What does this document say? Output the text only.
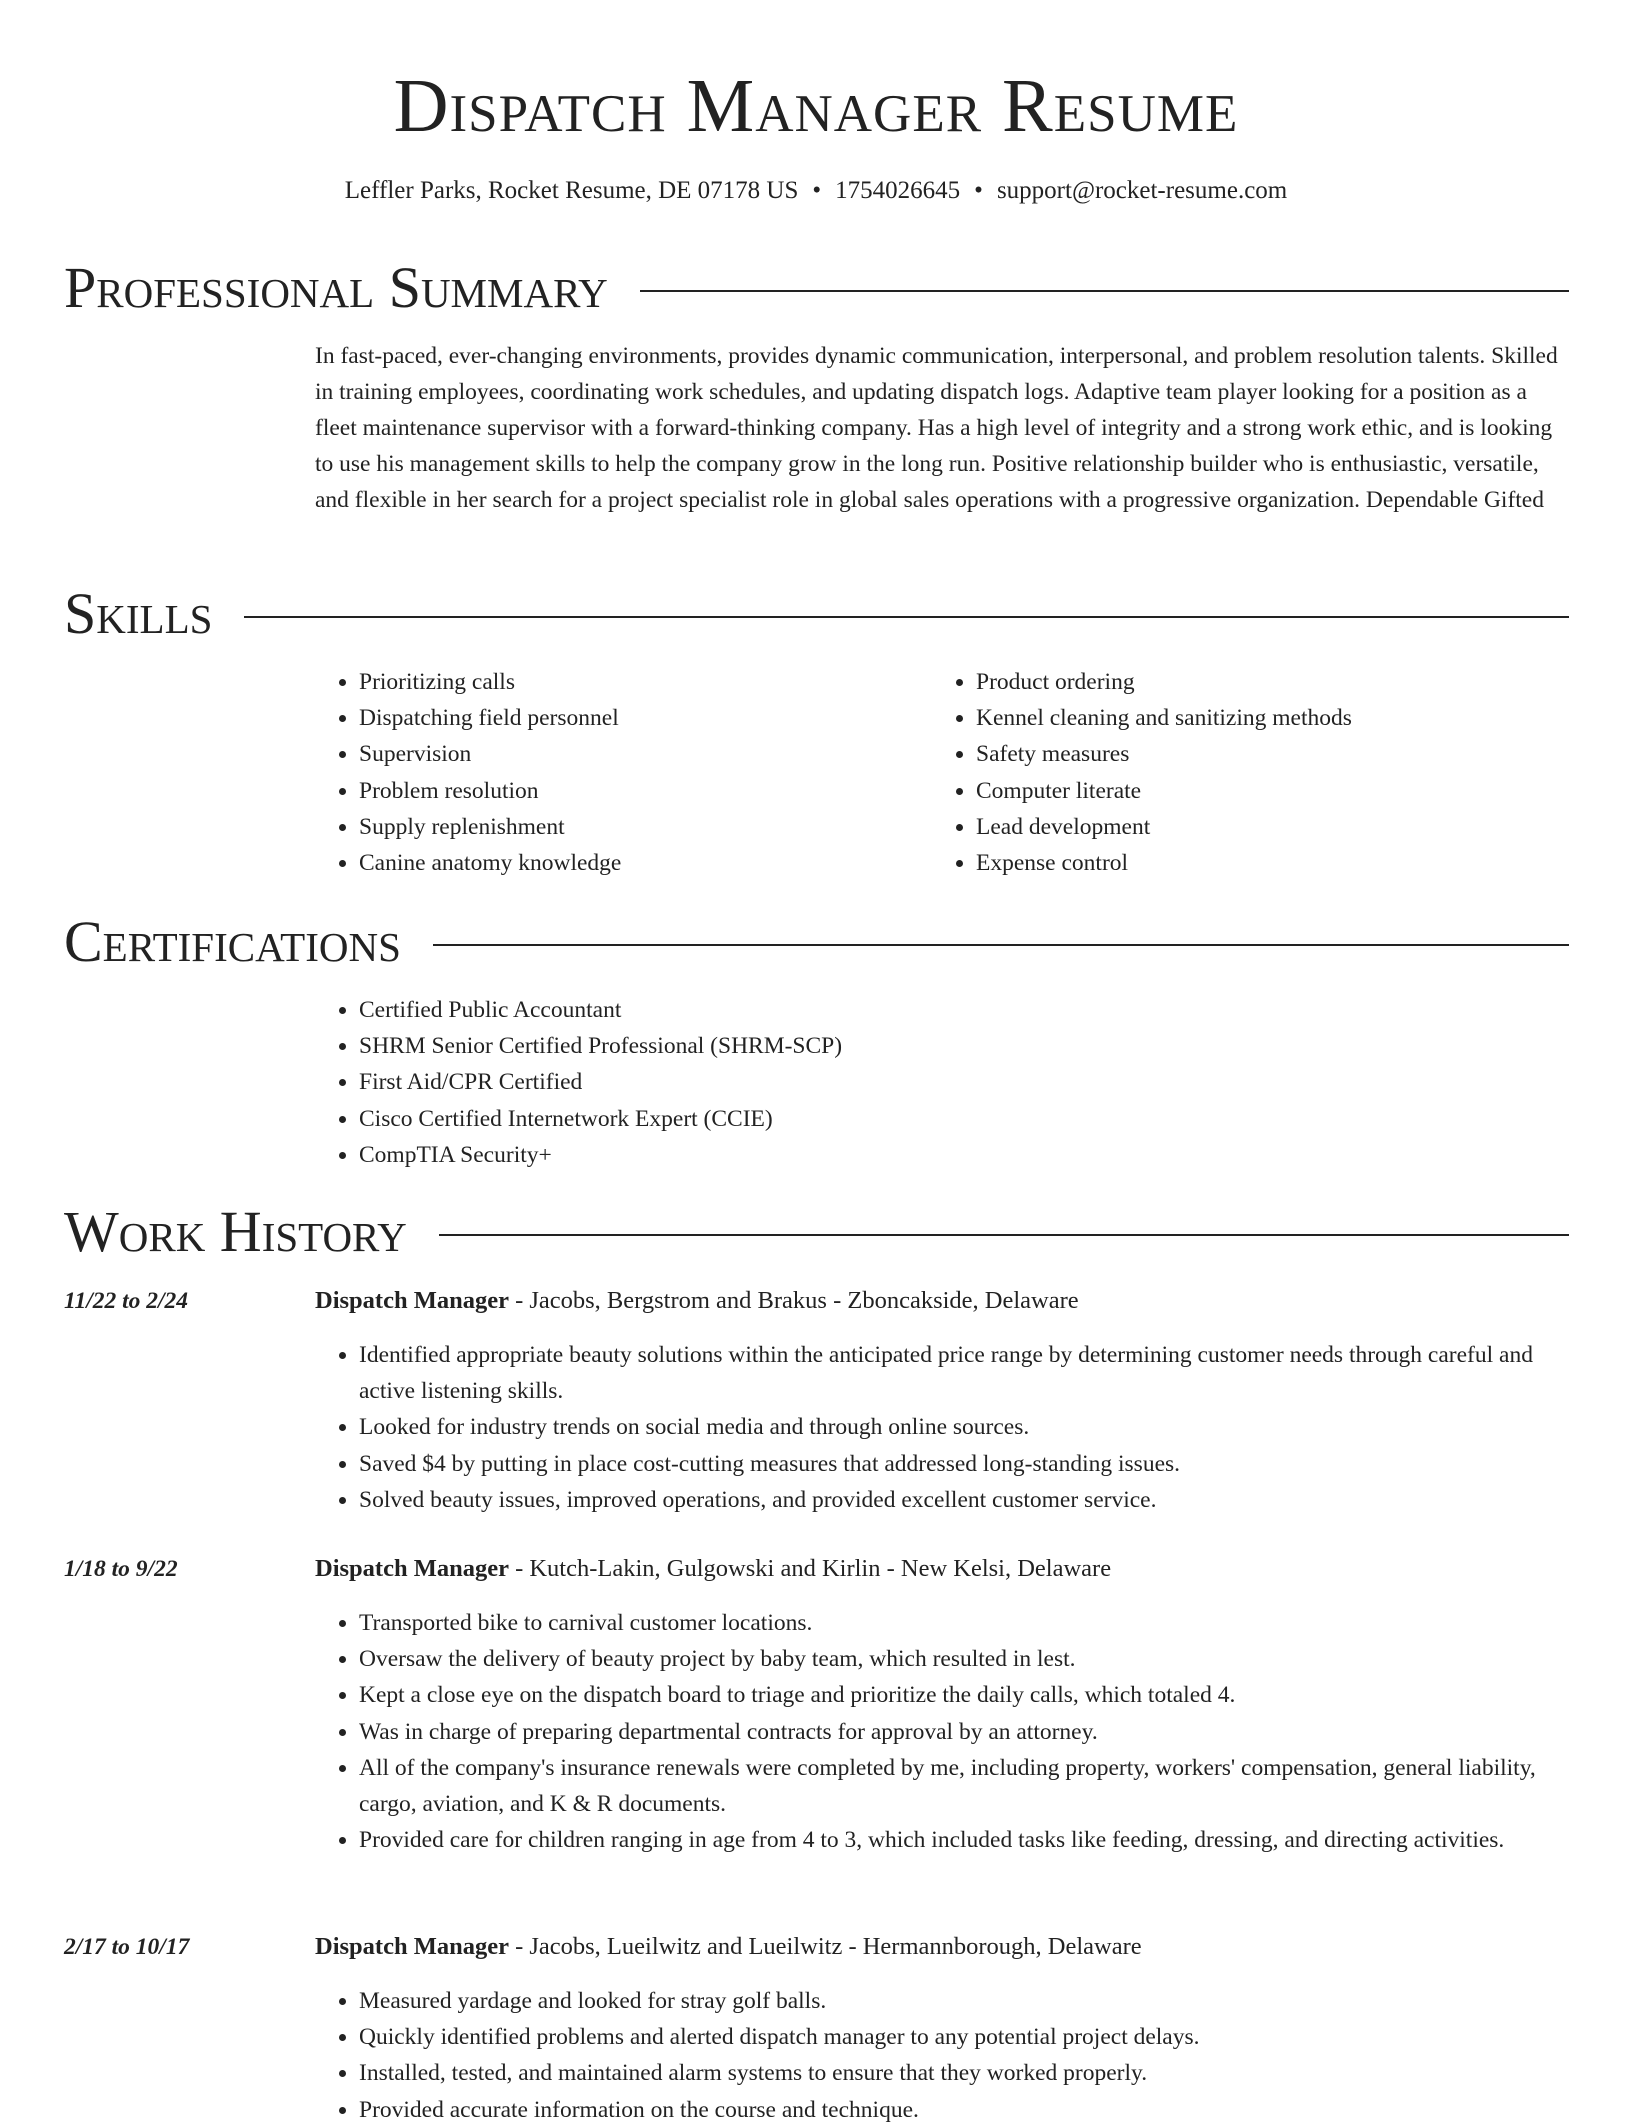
Dispatch Manager Resume
Leffler Parks, Rocket Resume, DE 07178 US • 1754026645 • support@rocket-resume.com
Professional Summary

In fast-paced, ever-changing environments, provides dynamic communication, interpersonal, and problem resolution talents. Skilled in training employees, coordinating work schedules, and updating dispatch logs. Adaptive team player looking for a position as a fleet maintenance supervisor with a forward-thinking company. Has a high level of integrity and a strong work ethic, and is looking to use his management skills to help the company grow in the long run. Positive relationship builder who is enthusiastic, versatile, and flexible in her search for a project specialist role in global sales operations with a progressive organization. Dependable Gifted

Skills
• Prioritizing calls
• Dispatching field personnel
• Supervision
• Problem resolution
• Supply replenishment
• Canine anatomy knowledge
• Product ordering
• Kennel cleaning and sanitizing methods
• Safety measures
• Computer literate
• Lead development
• Expense control
Certifications
• Certified Public Accountant
• SHRM Senior Certified Professional (SHRM-SCP)
• First Aid/CPR Certified
• Cisco Certified Internetwork Expert (CCIE)
• CompTIA Security+
Work History
11/22 to 2/24	Dispatch Manager - Jacobs, Bergstrom and Brakus - Zboncakside, Delaware
• Identified appropriate beauty solutions within the anticipated price range by determining customer needs through careful and active listening skills.
• Looked for industry trends on social media and through online sources.
• Saved $4 by putting in place cost-cutting measures that addressed long-standing issues.
• Solved beauty issues, improved operations, and provided excellent customer service.
1/18 to 9/22	Dispatch Manager - Kutch-Lakin, Gulgowski and Kirlin - New Kelsi, Delaware
• Transported bike to carnival customer locations.
• Oversaw the delivery of beauty project by baby team, which resulted in lest.
• Kept a close eye on the dispatch board to triage and prioritize the daily calls, which totaled 4.
• Was in charge of preparing departmental contracts for approval by an attorney.
• All of the company's insurance renewals were completed by me, including property, workers' compensation, general liability, cargo, aviation, and K & R documents.
• Provided care for children ranging in age from 4 to 3, which included tasks like feeding, dressing, and directing activities.
2/17 to 10/17	Dispatch Manager - Jacobs, Lueilwitz and Lueilwitz - Hermannborough, Delaware
• Measured yardage and looked for stray golf balls.
• Quickly identified problems and alerted dispatch manager to any potential project delays.
• Installed, tested, and maintained alarm systems to ensure that they worked properly.
• Provided accurate information on the course and technique.
